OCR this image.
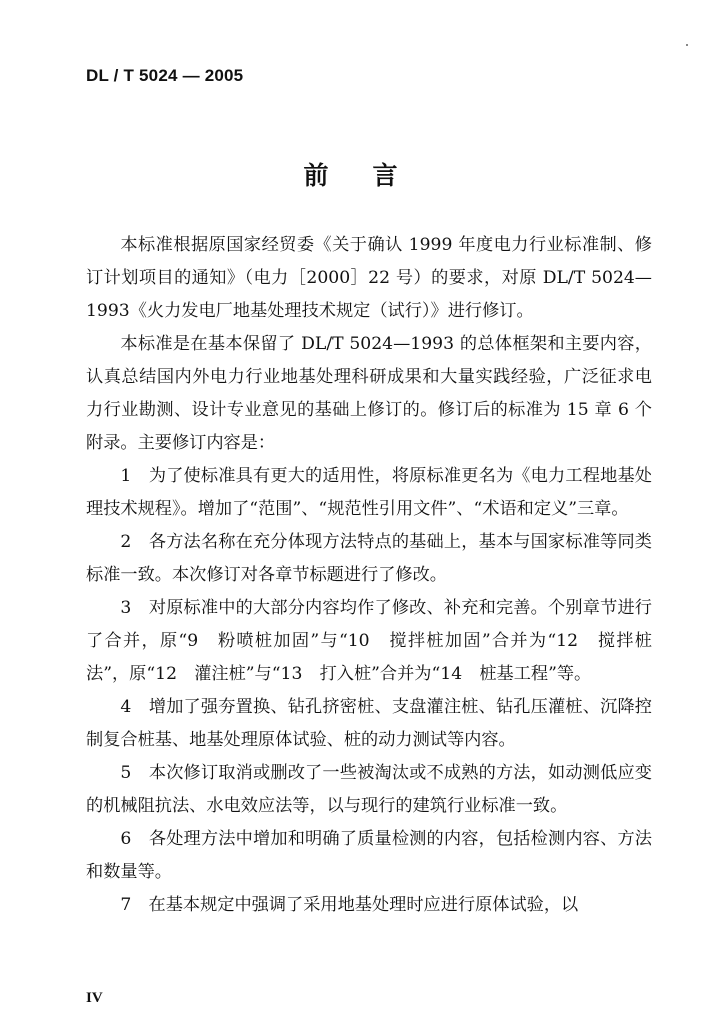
DL / T 5024 — 2005
前言

本标准根据原国家经贸委《关于确认 1999 年度电力行业标准制、修订计划项目的通知》（电力［2000］22 号）的要求，对原 DL/T 5024—1993《火力发电厂地基处理技术规定（试行）》进行修订。

本标准是在基本保留了 DL/T 5024—1993 的总体框架和主要内容，认真总结国内外电力行业地基处理科研成果和大量实践经验，广泛征求电力行业勘测、设计专业意见的基础上修订的。修订后的标准为 15 章 6 个附录。主要修订内容是：

1　为了使标准具有更大的适用性，将原标准更名为《电力工程地基处理技术规程》。增加了“范围”、“规范性引用文件”、“术语和定义”三章。

2　各方法名称在充分体现方法特点的基础上，基本与国家标准等同类标准一致。本次修订对各章节标题进行了修改。

3　对原标准中的大部分内容均作了修改、补充和完善。个别章节进行了合并，原“9　粉喷桩加固”与“10　搅拌桩加固”合并为“12　搅拌桩法”，原“12　灌注桩”与“13　打入桩”合并为“14　桩基工程”等。

4　增加了强夯置换、钻孔挤密桩、支盘灌注桩、钻孔压灌桩、沉降控制复合桩基、地基处理原体试验、桩的动力测试等内容。

5　本次修订取消或删改了一些被淘汰或不成熟的方法，如动测低应变的机械阻抗法、水电效应法等，以与现行的建筑行业标准一致。

6　各处理方法中增加和明确了质量检测的内容，包括检测内容、方法和数量等。

7　在基本规定中强调了采用地基处理时应进行原体试验，以

IV
